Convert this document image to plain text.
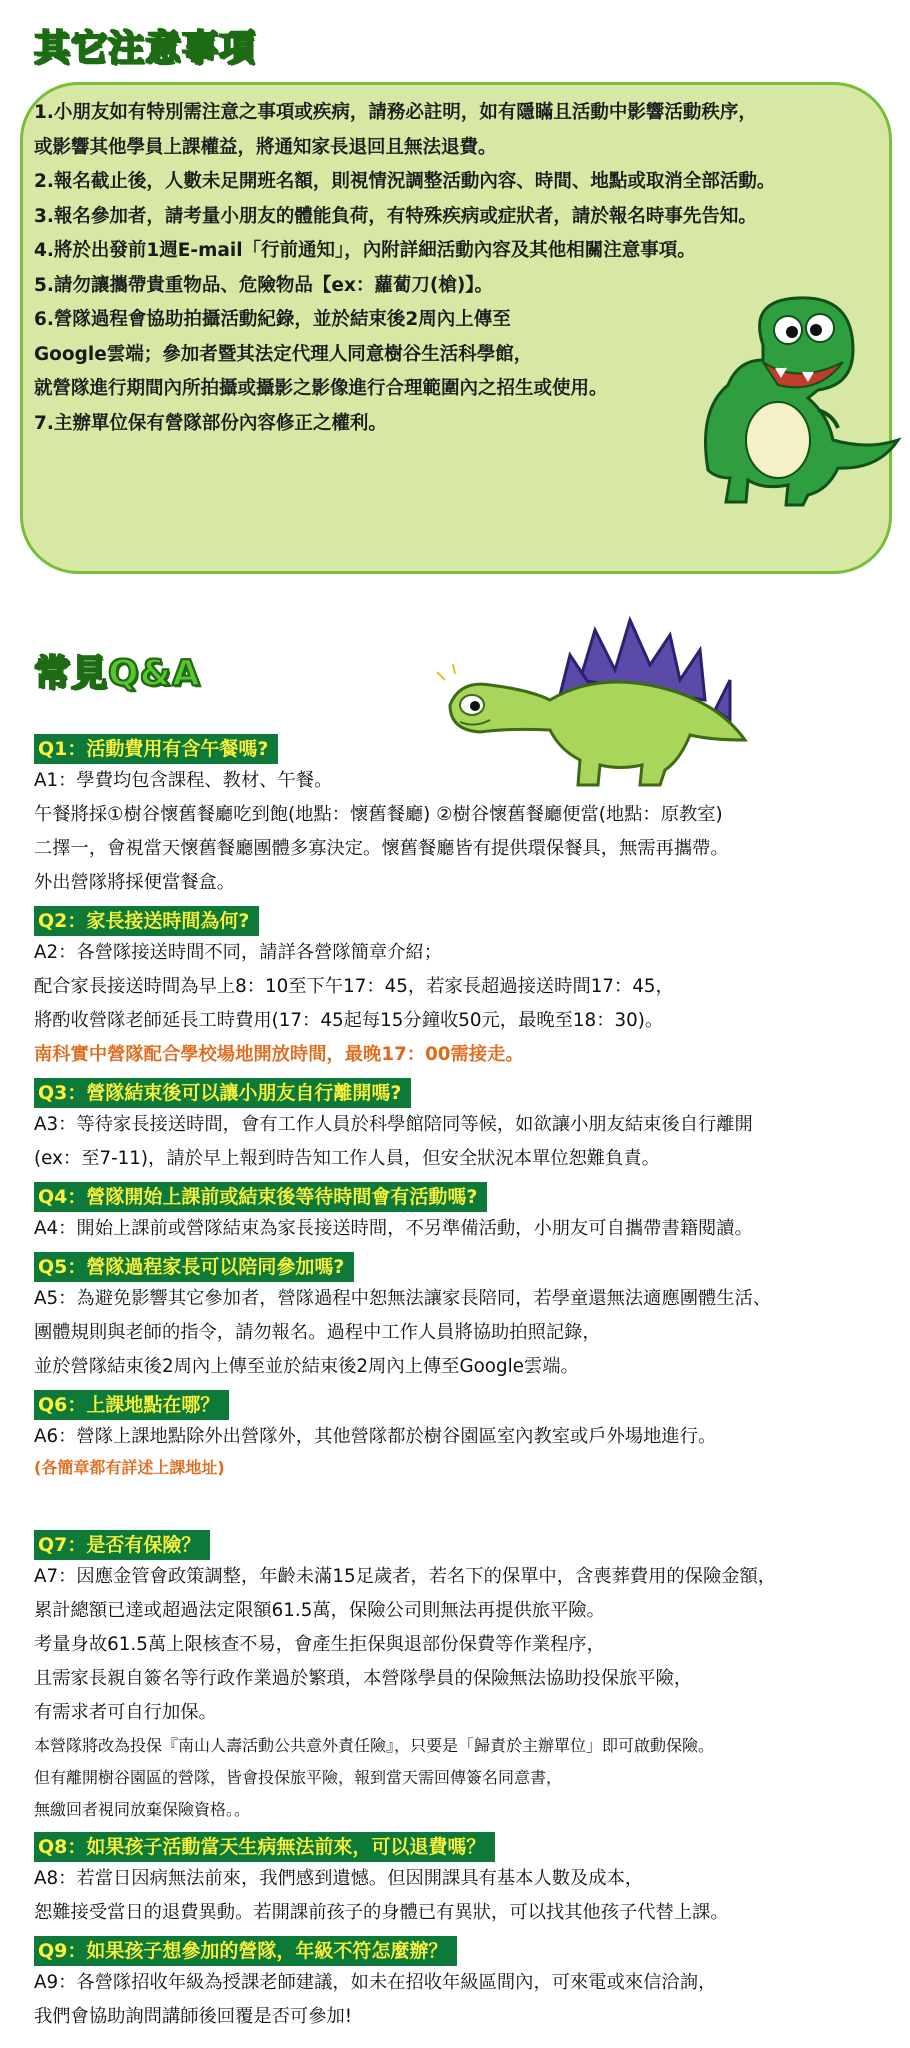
其它注意事項
1.小朋友如有特別需注意之事項或疾病，請務必註明，如有隱瞞且活動中影響活動秩序，
或影響其他學員上課權益，將通知家長退回且無法退費。
2.報名截止後，人數未足開班名額，則視情況調整活動內容、時間、地點或取消全部活動。
3.報名參加者，請考量小朋友的體能負荷，有特殊疾病或症狀者，請於報名時事先告知。
4.將於出發前1週E-mail「行前通知」，內附詳細活動內容及其他相關注意事項。
5.請勿讓攜帶貴重物品、危險物品【ex：蘿蔔刀(槍)】。
6.營隊過程會協助拍攝活動紀錄，並於結束後2周內上傳至
Google雲端；參加者暨其法定代理人同意樹谷生活科學館，
就營隊進行期間內所拍攝或攝影之影像進行合理範圍內之招生或使用。
7.主辦單位保有營隊部份內容修正之權利。
常見Q&A
Q1：活動費用有含午餐嗎?
A1：學費均包含課程、教材、午餐。
午餐將採①樹谷懷舊餐廳吃到飽(地點：懷舊餐廳) ②樹谷懷舊餐廳便當(地點：原教室)
二擇一，會視當天懷舊餐廳團體多寡決定。懷舊餐廳皆有提供環保餐具，無需再攜帶。
外出營隊將採便當餐盒。
Q2：家長接送時間為何?
A2：各營隊接送時間不同，請詳各營隊簡章介紹；
配合家長接送時間為早上8：10至下午17：45，若家長超過接送時間17：45，
將酌收營隊老師延長工時費用(17：45起每15分鐘收50元，最晚至18：30)。
南科實中營隊配合學校場地開放時間，最晚17：00需接走。
Q3：營隊結束後可以讓小朋友自行離開嗎?
A3：等待家長接送時間，會有工作人員於科學館陪同等候，如欲讓小朋友結束後自行離開
(ex：至7-11)，請於早上報到時告知工作人員，但安全狀況本單位恕難負責。
Q4：營隊開始上課前或結束後等待時間會有活動嗎?
A4：開始上課前或營隊結束為家長接送時間，不另準備活動，小朋友可自攜帶書籍閱讀。
Q5：營隊過程家長可以陪同參加嗎?
A5：為避免影響其它參加者，營隊過程中恕無法讓家長陪同，若學童還無法適應團體生活、
團體規則與老師的指令，請勿報名。過程中工作人員將協助拍照記錄，
並於營隊結束後2周內上傳至並於結束後2周內上傳至Google雲端。
Q6：上課地點在哪？
A6：營隊上課地點除外出營隊外，其他營隊都於樹谷園區室內教室或戶外場地進行。
(各簡章都有詳述上課地址)
Q7：是否有保險？
A7：因應金管會政策調整，年齡未滿15足歲者，若名下的保單中，含喪葬費用的保險金額，
累計總額已達或超過法定限額61.5萬，保險公司則無法再提供旅平險。
考量身故61.5萬上限核查不易，會產生拒保與退部份保費等作業程序，
且需家長親自簽名等行政作業過於繁瑣，本營隊學員的保險無法協助投保旅平險，
有需求者可自行加保。
本營隊將改為投保『南山人壽活動公共意外責任險』，只要是「歸責於主辦單位」即可啟動保險。
但有離開樹谷園區的營隊，皆會投保旅平險，報到當天需回傳簽名同意書，
無繳回者視同放棄保險資格。。
Q8：如果孩子活動當天生病無法前來，可以退費嗎？
A8：若當日因病無法前來，我們感到遺憾。但因開課具有基本人數及成本，
恕難接受當日的退費異動。若開課前孩子的身體已有異狀，可以找其他孩子代替上課。
Q9：如果孩子想參加的營隊，年級不符怎麼辦？
A9：各營隊招收年級為授課老師建議，如未在招收年級區間內，可來電或來信洽詢，
我們會協助詢問講師後回覆是否可參加!
